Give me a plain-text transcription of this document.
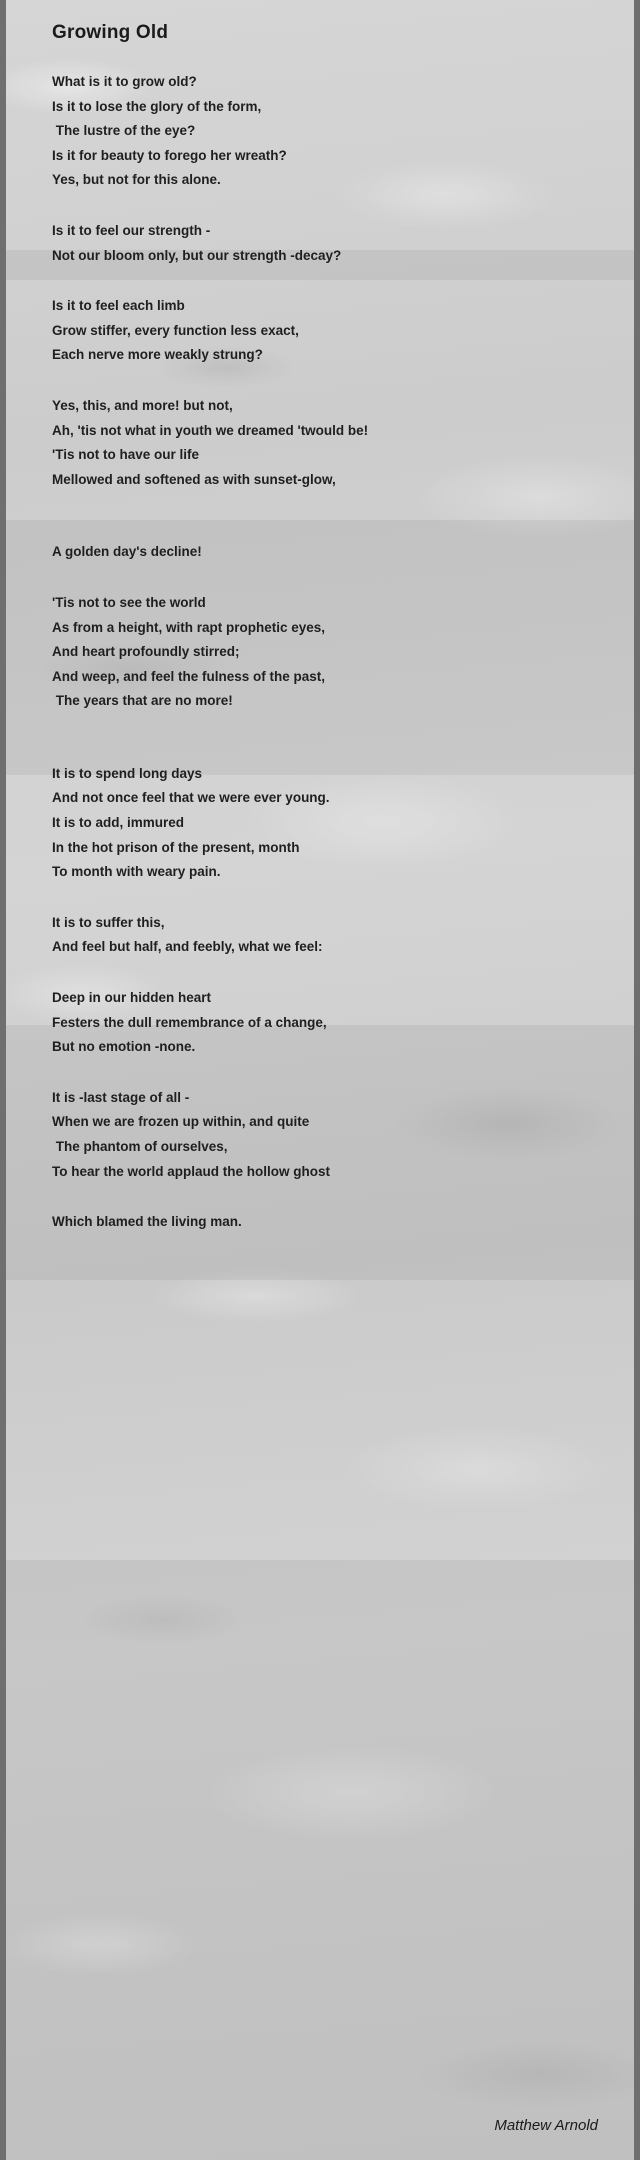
Growing Old
What is it to grow old?
Is it to lose the glory of the form,
The lustre of the eye?
Is it for beauty to forego her wreath?
Yes, but not for this alone.
Is it to feel our strength -
Not our bloom only, but our strength -decay?
Is it to feel each limb
Grow stiffer, every function less exact,
Each nerve more weakly strung?
Yes, this, and more! but not,
Ah, 'tis not what in youth we dreamed 'twould be!
'Tis not to have our life
Mellowed and softened as with sunset-glow,
A golden day's decline!
'Tis not to see the world
As from a height, with rapt prophetic eyes,
And heart profoundly stirred;
And weep, and feel the fulness of the past,
The years that are no more!
It is to spend long days
And not once feel that we were ever young.
It is to add, immured
In the hot prison of the present, month
To month with weary pain.
It is to suffer this,
And feel but half, and feebly, what we feel:
Deep in our hidden heart
Festers the dull remembrance of a change,
But no emotion -none.
It is -last stage of all -
When we are frozen up within, and quite
The phantom of ourselves,
To hear the world applaud the hollow ghost
Which blamed the living man.
Matthew Arnold
